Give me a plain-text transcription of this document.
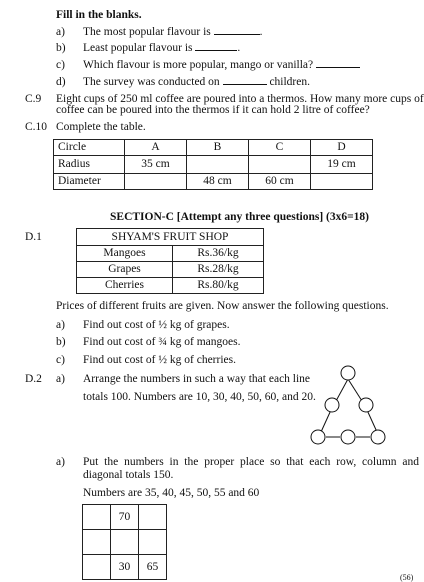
Fill in the blanks.
a) The most popular flavour is	.
b) Least popular flavour is	.
c) Which flavour is more popular, mango or vanilla?
d) The survey was conducted on	children.
C.9 Eight cups of 250 ml coffee are poured into a thermos. How many more cups of
coffee can be poured into the thermos if it can hold 2 litre of coffee?
C.10 Complete the table.
Circle	A	B	C	D
Radius	35 cm			19 cm
Diameter		48 cm	60 cm	
SECTION-C [Attempt any three questions] (3x6=18)
D.1	SHYAM'S FRUIT SHOP	
Mangoes	Rs.36/kg
Grapes	Rs.28/kg
Cherries	Rs.80/kg
Prices of different fruits are given. Now answer the following questions.
a) Find out cost of ½ kg of grapes.
b) Find out cost of ¾ kg of mangoes.
c) Find out cost of ½ kg of cherries.
D.2 a) Arrange the numbers in such a way that each line
totals 100. Numbers are 10, 30, 40, 50, 60, and 20.
a) Put the numbers in the proper place so that each row, column and diagonal totals 150.
Numbers are 35, 40, 45, 50, 55 and 60
	70	

	30	65
(56)
